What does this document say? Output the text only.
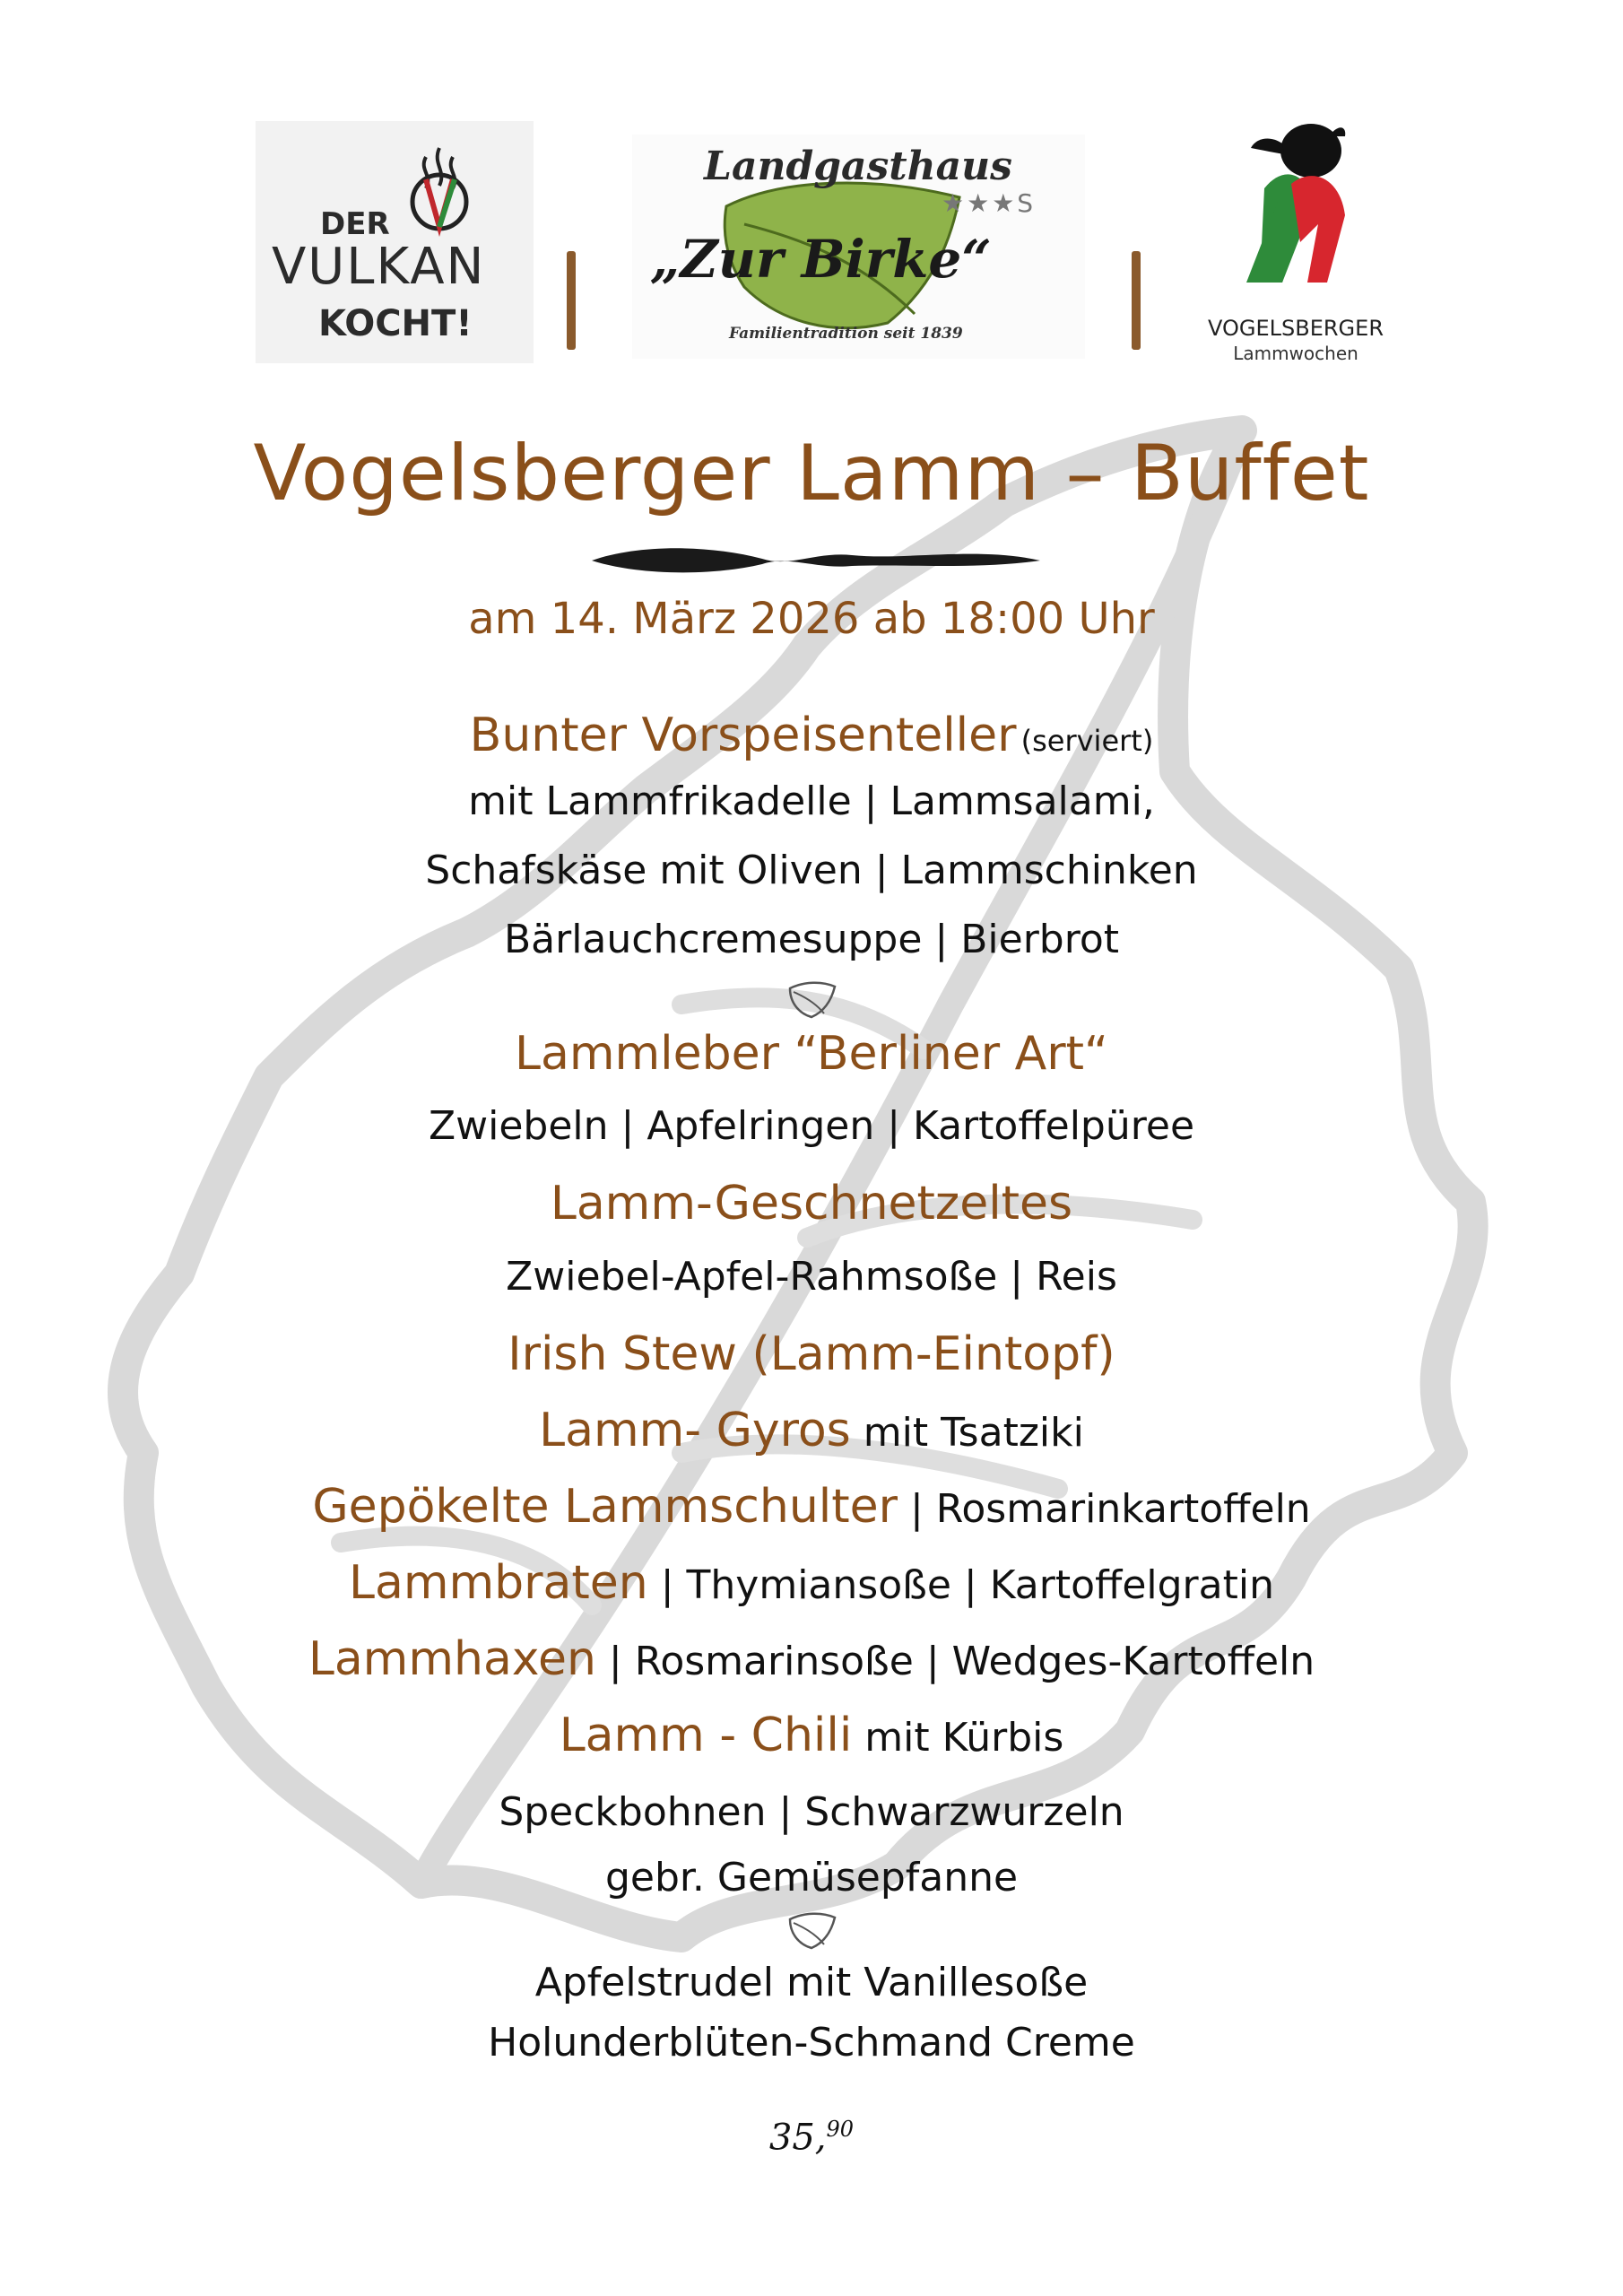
DER
VULKAN
KOCHT!
Landgasthaus
★★★S
„Zur Birke“
Familientradition seit 1839	VOGELSBERGER
Lammwochen
Vogelsberger Lamm – Buffet
am 14. März 2026 ab 18:00 Uhr
Bunter Vorspeisenteller (serviert)
mit Lammfrikadelle | Lammsalami,
Schafskäse mit Oliven | Lammschinken
Bärlauchcremesuppe | Bierbrot
Lammleber “Berliner Art“
Zwiebeln | Apfelringen | Kartoffelpüree
Lamm-Geschnetzeltes
Zwiebel-Apfel-Rahmsoße | Reis
Irish Stew (Lamm-Eintopf)
Lamm- Gyros mit Tsatziki
Gepökelte Lammschulter | Rosmarinkartoffeln
Lammbraten | Thymiansoße | Kartoffelgratin
Lammhaxen | Rosmarinsoße | Wedges-Kartoffeln
Lamm - Chili mit Kürbis
Speckbohnen | Schwarzwurzeln
gebr. Gemüsepfanne
Apfelstrudel mit Vanillesoße
Holunderblüten-Schmand Creme
35,90
